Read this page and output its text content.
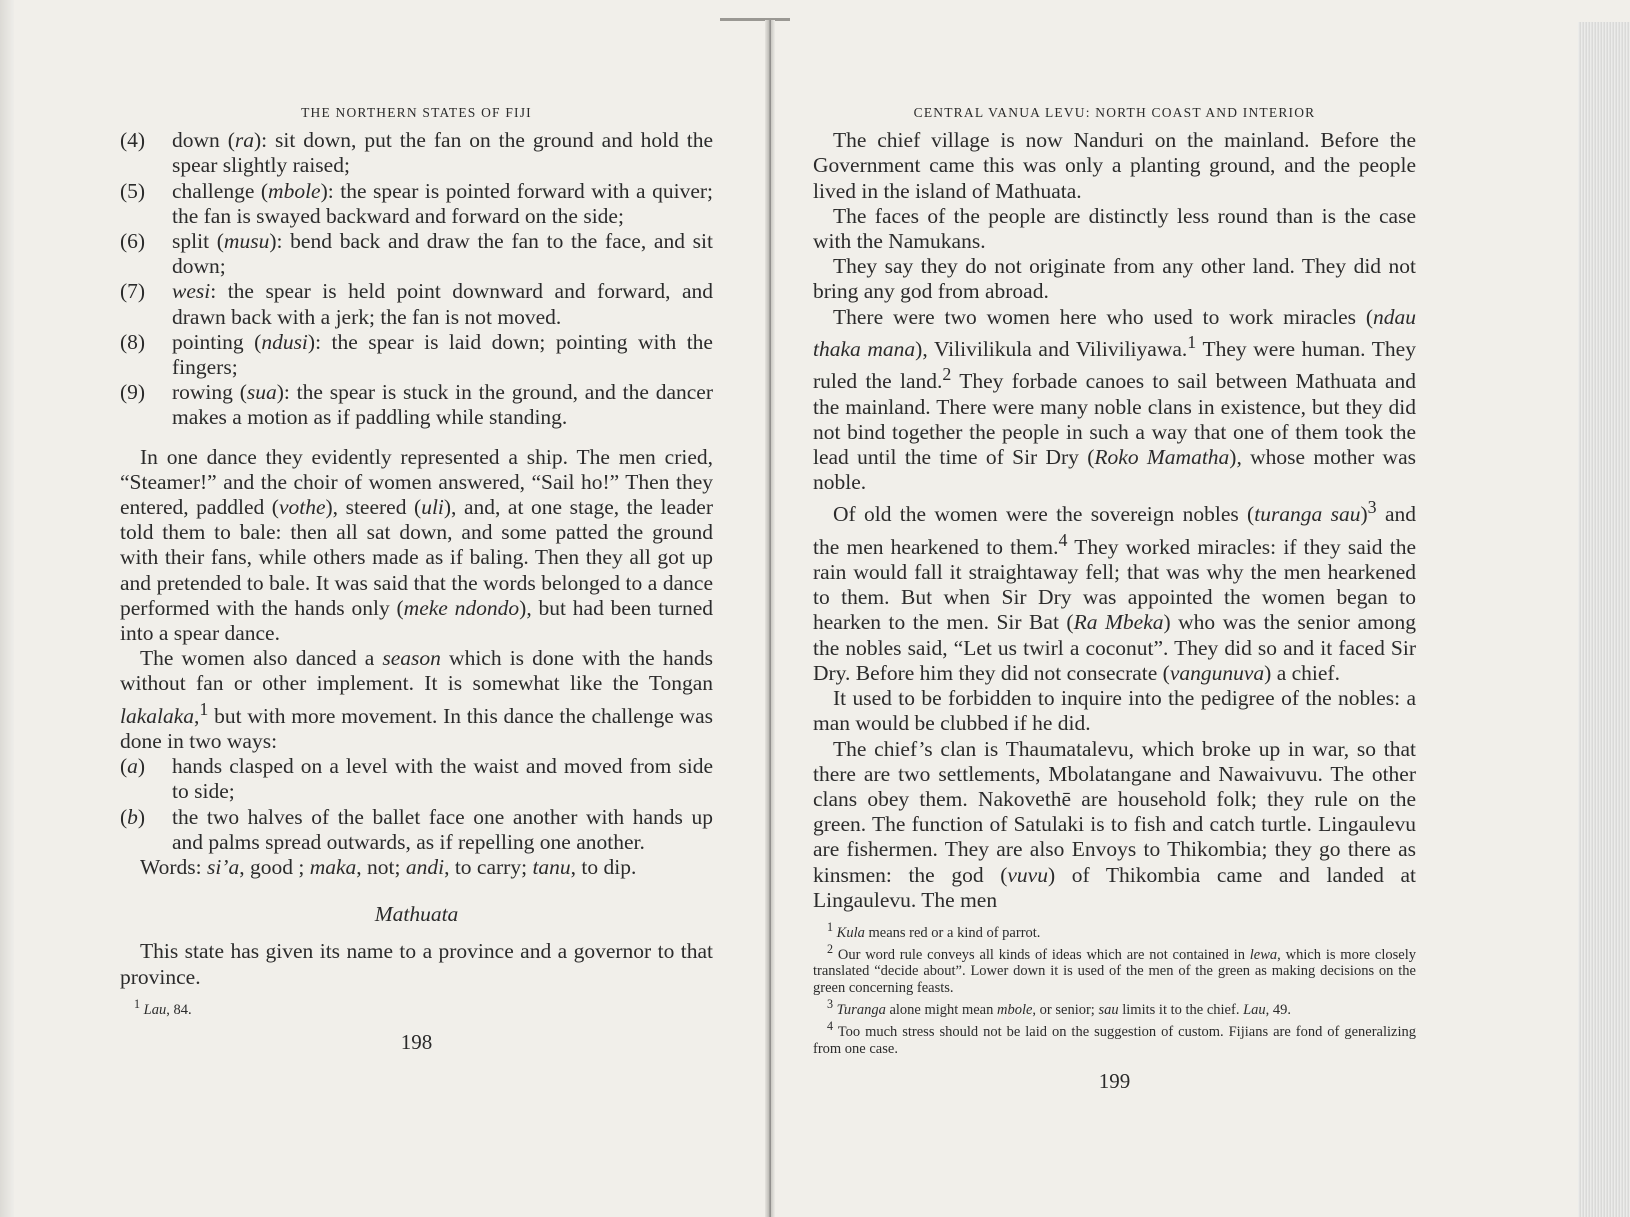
THE NORTHERN STATES OF FIJI
(4)	down (ra): sit down, put the fan on the ground and hold the spear slightly raised;
(5)	challenge (mbole): the spear is pointed forward with a quiver; the fan is swayed backward and forward on the side;
(6)	split (musu): bend back and draw the fan to the face, and sit down;
(7)	wesi: the spear is held point downward and forward, and drawn back with a jerk; the fan is not moved.
(8)	pointing (ndusi): the spear is laid down; pointing with the fingers;
(9)	rowing (sua): the spear is stuck in the ground, and the dancer makes a motion as if paddling while standing.

In one dance they evidently represented a ship. The men cried, “Steamer!” and the choir of women answered, “Sail ho!” Then they entered, paddled (vothe), steered (uli), and, at one stage, the leader told them to bale: then all sat down, and some patted the ground with their fans, while others made as if baling. Then they all got up and pretended to bale. It was said that the words belonged to a dance performed with the hands only (meke ndondo), but had been turned into a spear dance.

The women also danced a season which is done with the hands without fan or other implement. It is somewhat like the Tongan lakalaka,$^1$ but with more movement. In this dance the challenge was done in two ways:

(a)	hands clasped on a level with the waist and moved from side to side;
(b)	the two halves of the ballet face one another with hands up and palms spread outwards, as if repelling one another.

Words: si’a, good ; maka, not; andi, to carry; tanu, to dip.

Mathuata

This state has given its name to a province and a governor to that province.

$^1$ Lau, 84.

198
CENTRAL VANUA LEVU: NORTH COAST AND INTERIOR

The chief village is now Nanduri on the mainland. Before the Government came this was only a planting ground, and the people lived in the island of Mathuata.

The faces of the people are distinctly less round than is the case with the Namukans.

They say they do not originate from any other land. They did not bring any god from abroad.

There were two women here who used to work miracles (ndau thaka mana), Vilivilikula and Viliviliyawa.$^1$ They were human. They ruled the land.$^2$ They forbade canoes to sail between Mathuata and the mainland. There were many noble clans in existence, but they did not bind together the people in such a way that one of them took the lead until the time of Sir Dry (Roko Mamatha), whose mother was noble.

Of old the women were the sovereign nobles (turanga sau)$^3$ and the men hearkened to them.$^4$ They worked miracles: if they said the rain would fall it straightaway fell; that was why the men hearkened to them. But when Sir Dry was appointed the women began to hearken to the men. Sir Bat (Ra Mbeka) who was the senior among the nobles said, “Let us twirl a coconut”. They did so and it faced Sir Dry. Before him they did not consecrate (vangunuva) a chief.

It used to be forbidden to inquire into the pedigree of the nobles: a man would be clubbed if he did.

The chief’s clan is Thaumatalevu, which broke up in war, so that there are two settlements, Mbolatangane and Nawaivuvu. The other clans obey them. Nakovethē are household folk; they rule on the green. The function of Satulaki is to fish and catch turtle. Lingaulevu are fishermen. They are also Envoys to Thikombia; they go there as kinsmen: the god (vuvu) of Thikombia came and landed at Lingaulevu. The men

$^1$ Kula means red or a kind of parrot.

$^2$ Our word rule conveys all kinds of ideas which are not contained in lewa, which is more closely translated “decide about”. Lower down it is used of the men of the green as making decisions on the green concerning feasts.

$^3$ Turanga alone might mean mbole, or senior; sau limits it to the chief. Lau, 49.

$^4$ Too much stress should not be laid on the suggestion of custom. Fijians are fond of generalizing from one case.

199
